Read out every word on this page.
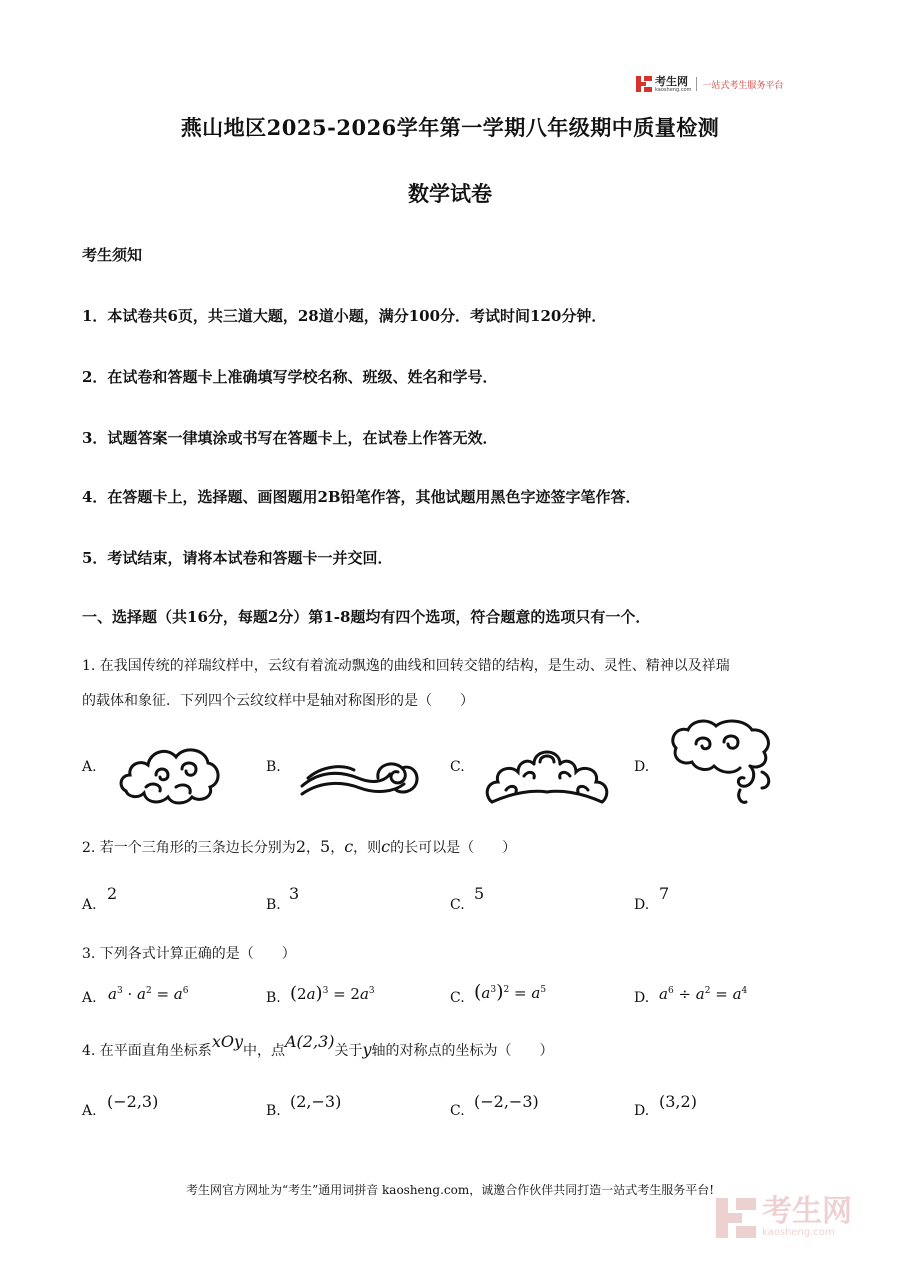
考生网
kaosheng.com 一站式考生服务平台
燕山地区2025-2026学年第一学期八年级期中质量检测
数学试卷
考生须知
1．本试卷共6页，共三道大题，28道小题，满分100分．考试时间120分钟．
2．在试卷和答题卡上准确填写学校名称、班级、姓名和学号．
3．试题答案一律填涂或书写在答题卡上，在试卷上作答无效．
4．在答题卡上，选择题、画图题用2B铅笔作答，其他试题用黑色字迹签字笔作答．
5．考试结束，请将本试卷和答题卡一并交回．
一、选择题（共16分，每题2分）第1-8题均有四个选项，符合题意的选项只有一个．
1. 在我国传统的祥瑞纹样中，云纹有着流动飘逸的曲线和回转交错的结构，是生动、灵性、精神以及祥瑞
的载体和象征．下列四个云纹纹样中是轴对称图形的是（　　）
A.	B.	C.	D.
2. 若一个三角形的三条边长分别为2，5，c，则c的长可以是（　　）
A.
2
B.
3
C.
5
D.
7
3. 下列各式计算正确的是（　　）
A. $a^3 \cdot a^2 = a^6$	B. $(2a)^3 = 2a^3$	C. $(a^3)^2 = a^5$	D. $a^6 \div a^2 = a^4$
4. 在平面直角坐标系xOy中，点A(2,3)关于y轴的对称点的坐标为（　　）
A. (−2,3)	B. (2,−3)	C. (−2,−3)	D. (3,2)
考生网官方网址为“考生”通用词拼音 kaosheng.com，诚邀合作伙伴共同打造一站式考生服务平台!
考生网
kaosheng.com
